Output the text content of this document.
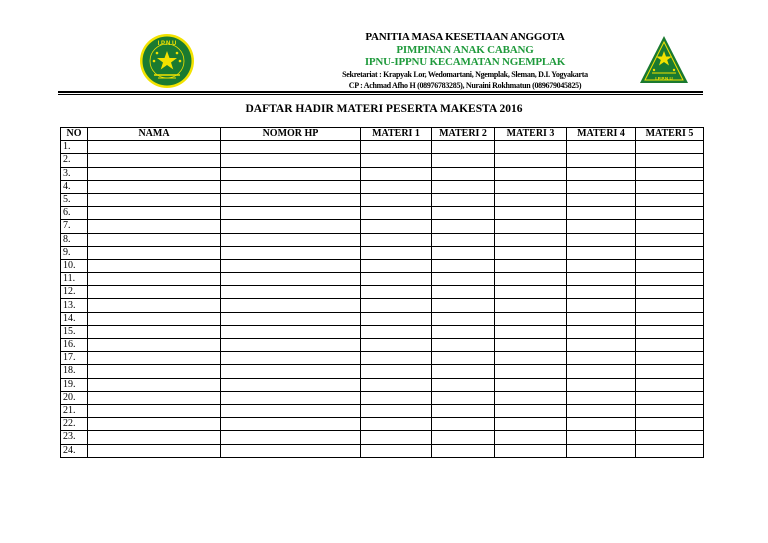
I.P.N.U
PANITIA MASA KESETIAAN ANGGOTA
PIMPINAN ANAK CABANG
IPNU-IPPNU KECAMATAN NGEMPLAK
Sekretariat : Krapyak Lor, Wedomartani, Ngemplak, Sleman, D.I. Yogyakarta
CP : Achmad Afho H (08976783285), Nuraini Rokhmatun (089679045825)
I.P.P.N.U
DAFTAR HADIR MATERI PESERTA MAKESTA 2016
NO	NAMA	NOMOR HP	MATERI 1	MATERI 2	MATERI 3	MATERI 4	MATERI 5
1.							
2.							
3.							
4.							
5.							
6.							
7.							
8.							
9.							
10.							
11.							
12.							
13.							
14.							
15.							
16.							
17.							
18.							
19.							
20.							
21.							
22.							
23.							
24.							
